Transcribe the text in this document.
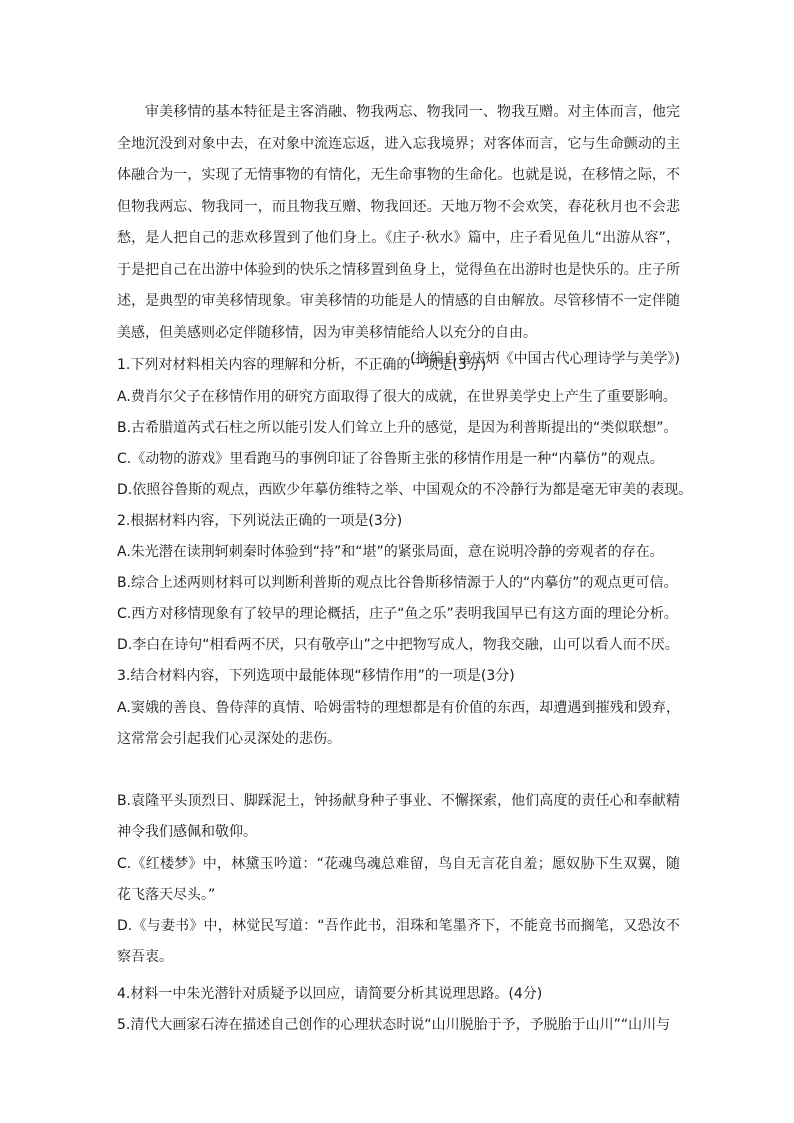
审美移情的基本特征是主客消融、物我两忘、物我同一、物我互赠。对主体而言，他完全地沉没到对象中去，在对象中流连忘返，进入忘我境界；对客体而言，它与生命颤动的主体融合为一，实现了无情事物的有情化，无生命事物的生命化。也就是说，在移情之际，不但物我两忘、物我同一，而且物我互赠、物我回还。天地万物不会欢笑，春花秋月也不会悲愁，是人把自己的悲欢移置到了他们身上。《庄子·秋水》篇中，庄子看见鱼儿“出游从容”，于是把自己在出游中体验到的快乐之情移置到鱼身上，觉得鱼在出游时也是快乐的。庄子所述，是典型的审美移情现象。审美移情的功能是人的情感的自由解放。尽管移情不一定伴随美感，但美感则必定伴随移情，因为审美移情能给人以充分的自由。

(摘编自童庆炳《中国古代心理诗学与美学》)

1.下列对材料相关内容的理解和分析，不正确的一项是(3分)

A.费肖尔父子在移情作用的研究方面取得了很大的成就，在世界美学史上产生了重要影响。

B.古希腊道芮式石柱之所以能引发人们耸立上升的感觉，是因为利普斯提出的“类似联想”。

C.《动物的游戏》里看跑马的事例印证了谷鲁斯主张的移情作用是一种“内摹仿”的观点。

D.依照谷鲁斯的观点，西欧少年摹仿维特之举、中国观众的不冷静行为都是毫无审美的表现。

2.根据材料内容，下列说法正确的一项是(3分)

A.朱光潜在读荆轲刺秦时体验到“持”和“堪”的紧张局面，意在说明冷静的旁观者的存在。

B.综合上述两则材料可以判断利普斯的观点比谷鲁斯移情源于人的“内摹仿”的观点更可信。

C.西方对移情现象有了较早的理论概括，庄子“鱼之乐”表明我国早已有这方面的理论分析。

D.李白在诗句“相看两不厌，只有敬亭山”之中把物写成人，物我交融，山可以看人而不厌。

3.结合材料内容，下列选项中最能体现“移情作用”的一项是(3分)

A.窦娥的善良、鲁侍萍的真情、哈姆雷特的理想都是有价值的东西，却遭遇到摧残和毁弃，这常常会引起我们心灵深处的悲伤。

B.袁隆平头顶烈日、脚踩泥土，钟扬献身种子事业、不懈探索，他们高度的责任心和奉献精神令我们感佩和敬仰。

C.《红楼梦》中，林黛玉吟道：“花魂鸟魂总难留，鸟自无言花自羞；愿奴胁下生双翼，随花飞落天尽头。”

D.《与妻书》中，林觉民写道：“吾作此书，泪珠和笔墨齐下，不能竟书而搁笔，又恐汝不察吾衷。

4.材料一中朱光潜针对质疑予以回应，请简要分析其说理思路。(4分)

5.清代大画家石涛在描述自己创作的心理状态时说“山川脱胎于予，予脱胎于山川”“山川与
